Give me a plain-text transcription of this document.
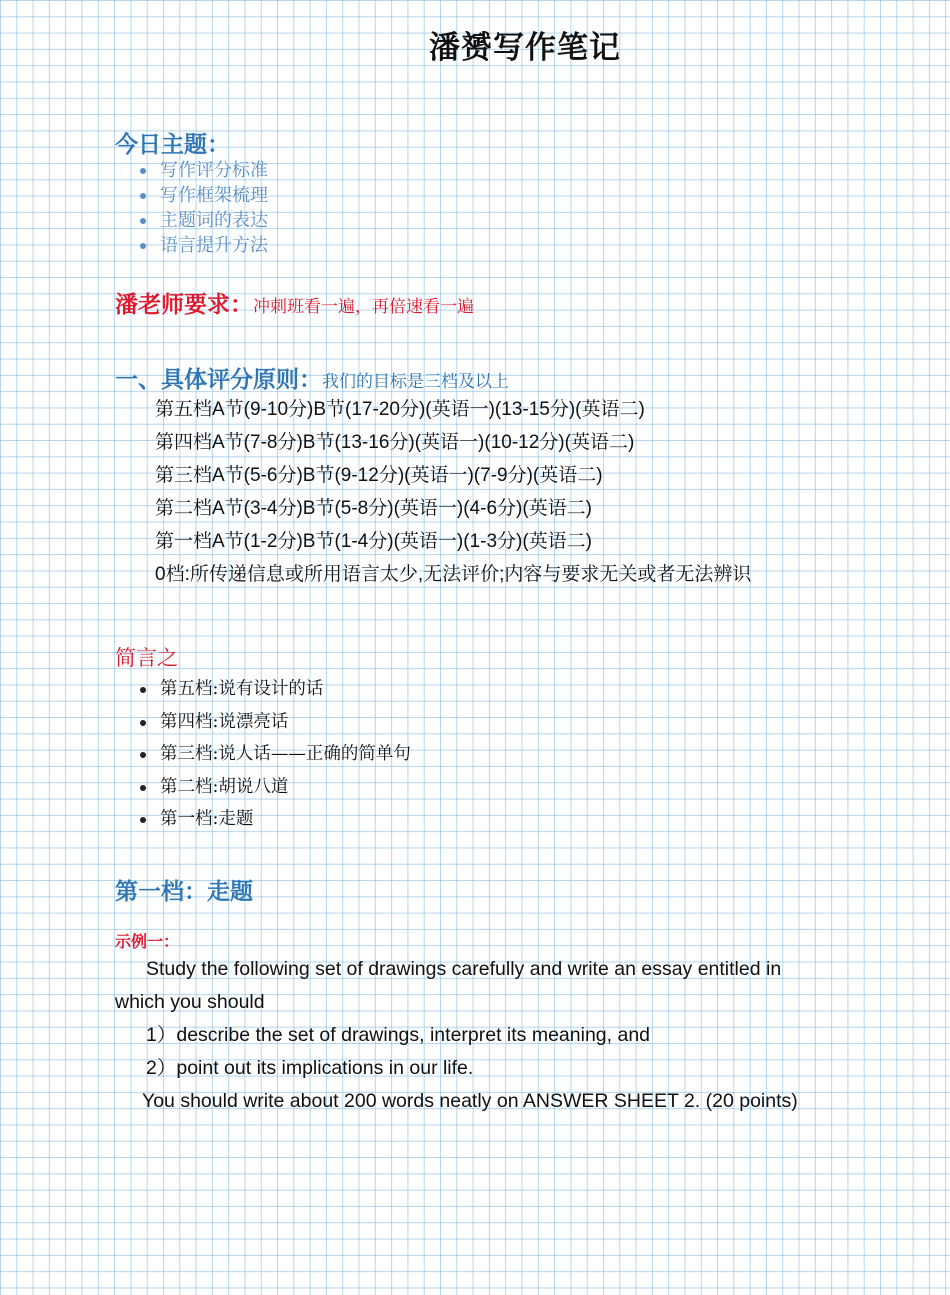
潘赟写作笔记
今日主题：
写作评分标准
写作框架梳理
主题词的表达
语言提升方法
潘老师要求：冲刺班看一遍，再倍速看一遍
一、具体评分原则：我们的目标是三档及以上
第五档A节(9-10分)B节(17-20分)(英语一)(13-15分)(英语二)
第四档A节(7-8分)B节(13-16分)(英语一)(10-12分)(英语二)
第三档A节(5-6分)B节(9-12分)(英语一)(7-9分)(英语二)
第二档A节(3-4分)B节(5-8分)(英语一)(4-6分)(英语二)
第一档A节(1-2分)B节(1-4分)(英语一)(1-3分)(英语二)
0档:所传递信息或所用语言太少,无法评价;内容与要求无关或者无法辨识
简言之
第五档:说有设计的话
第四档:说漂亮话
第三档:说人话——正确的简单句
第二档:胡说八道
第一档:走题
第一档：走题
示例一：
Study the following set of drawings carefully and write an essay entitled in
which you should
1）describe the set of drawings, interpret its meaning, and
2）point out its implications in our life.
You should write about 200 words neatly on ANSWER SHEET 2. (20 points)
